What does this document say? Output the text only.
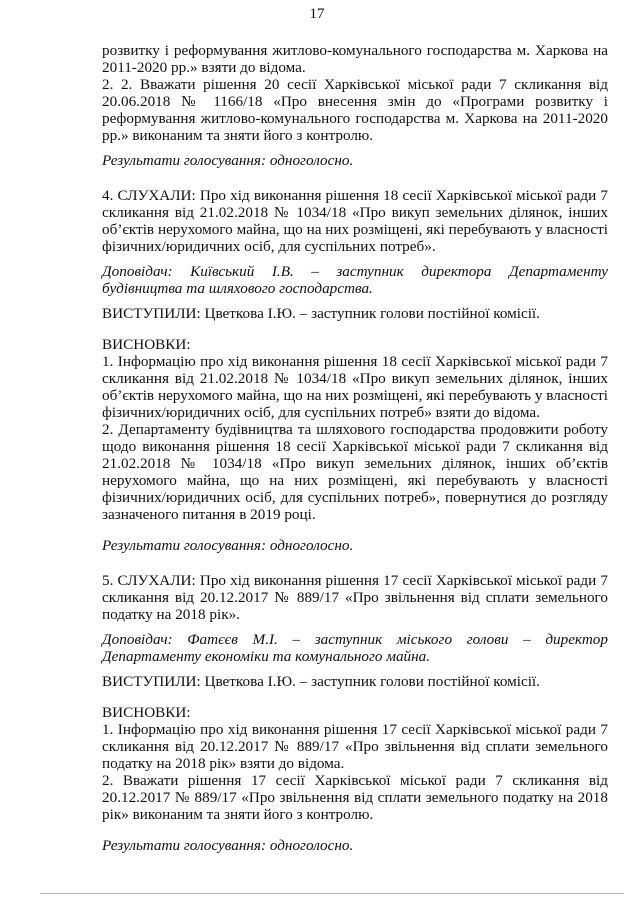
17

розвитку і реформування житлово-комунального господарства м. Харкова на 2011-2020 рр.» взяти до відома.

2. 2. Вважати рішення 20 сесії Харківської міської ради 7 скликання від 20.06.2018 № 1166/18 «Про внесення змін до «Програми розвитку і реформування житлово-комунального господарства м. Харкова на 2011-2020 рр.» виконаним та зняти його з контролю.

Результати голосування: одноголосно.

4. СЛУХАЛИ: Про хід виконання рішення 18 сесії Харківської міської ради 7 скликання від 21.02.2018 № 1034/18 «Про викуп земельних ділянок, інших об’єктів нерухомого майна, що на них розміщені, які перебувають у власності фізичних/юридичних осіб, для суспільних потреб».

Доповідач: Київський І.В. – заступник директора Департаменту будівництва та шляхового господарства.

ВИСТУПИЛИ: Цветкова І.Ю. – заступник голови постійної комісії.

ВИСНОВКИ:

1. Інформацію про хід виконання рішення 18 сесії Харківської міської ради 7 скликання від 21.02.2018 № 1034/18 «Про викуп земельних ділянок, інших об’єктів нерухомого майна, що на них розміщені, які перебувають у власності фізичних/юридичних осіб, для суспільних потреб» взяти до відома.

2. Департаменту будівництва та шляхового господарства продовжити роботу щодо виконання рішення 18 сесії Харківської міської ради 7 скликання від 21.02.2018 № 1034/18 «Про викуп земельних ділянок, інших об’єктів нерухомого майна, що на них розміщені, які перебувають у власності фізичних/юридичних осіб, для суспільних потреб», повернутися до розгляду зазначеного питання в 2019 році.

Результати голосування: одноголосно.

5. СЛУХАЛИ: Про хід виконання рішення 17 сесії Харківської міської ради 7 скликання від 20.12.2017 № 889/17 «Про звільнення від сплати земельного податку на 2018 рік».

Доповідач: Фатєєв М.І. – заступник міського голови – директор Департаменту економіки та комунального майна.

ВИСТУПИЛИ: Цветкова І.Ю. – заступник голови постійної комісії.

ВИСНОВКИ:

1. Інформацію про хід виконання рішення 17 сесії Харківської міської ради 7 скликання від 20.12.2017 № 889/17 «Про звільнення від сплати земельного податку на 2018 рік» взяти до відома.

2. Вважати рішення 17 сесії Харківської міської ради 7 скликання від 20.12.2017 № 889/17 «Про звільнення від сплати земельного податку на 2018 рік» виконаним та зняти його з контролю.

Результати голосування: одноголосно.
